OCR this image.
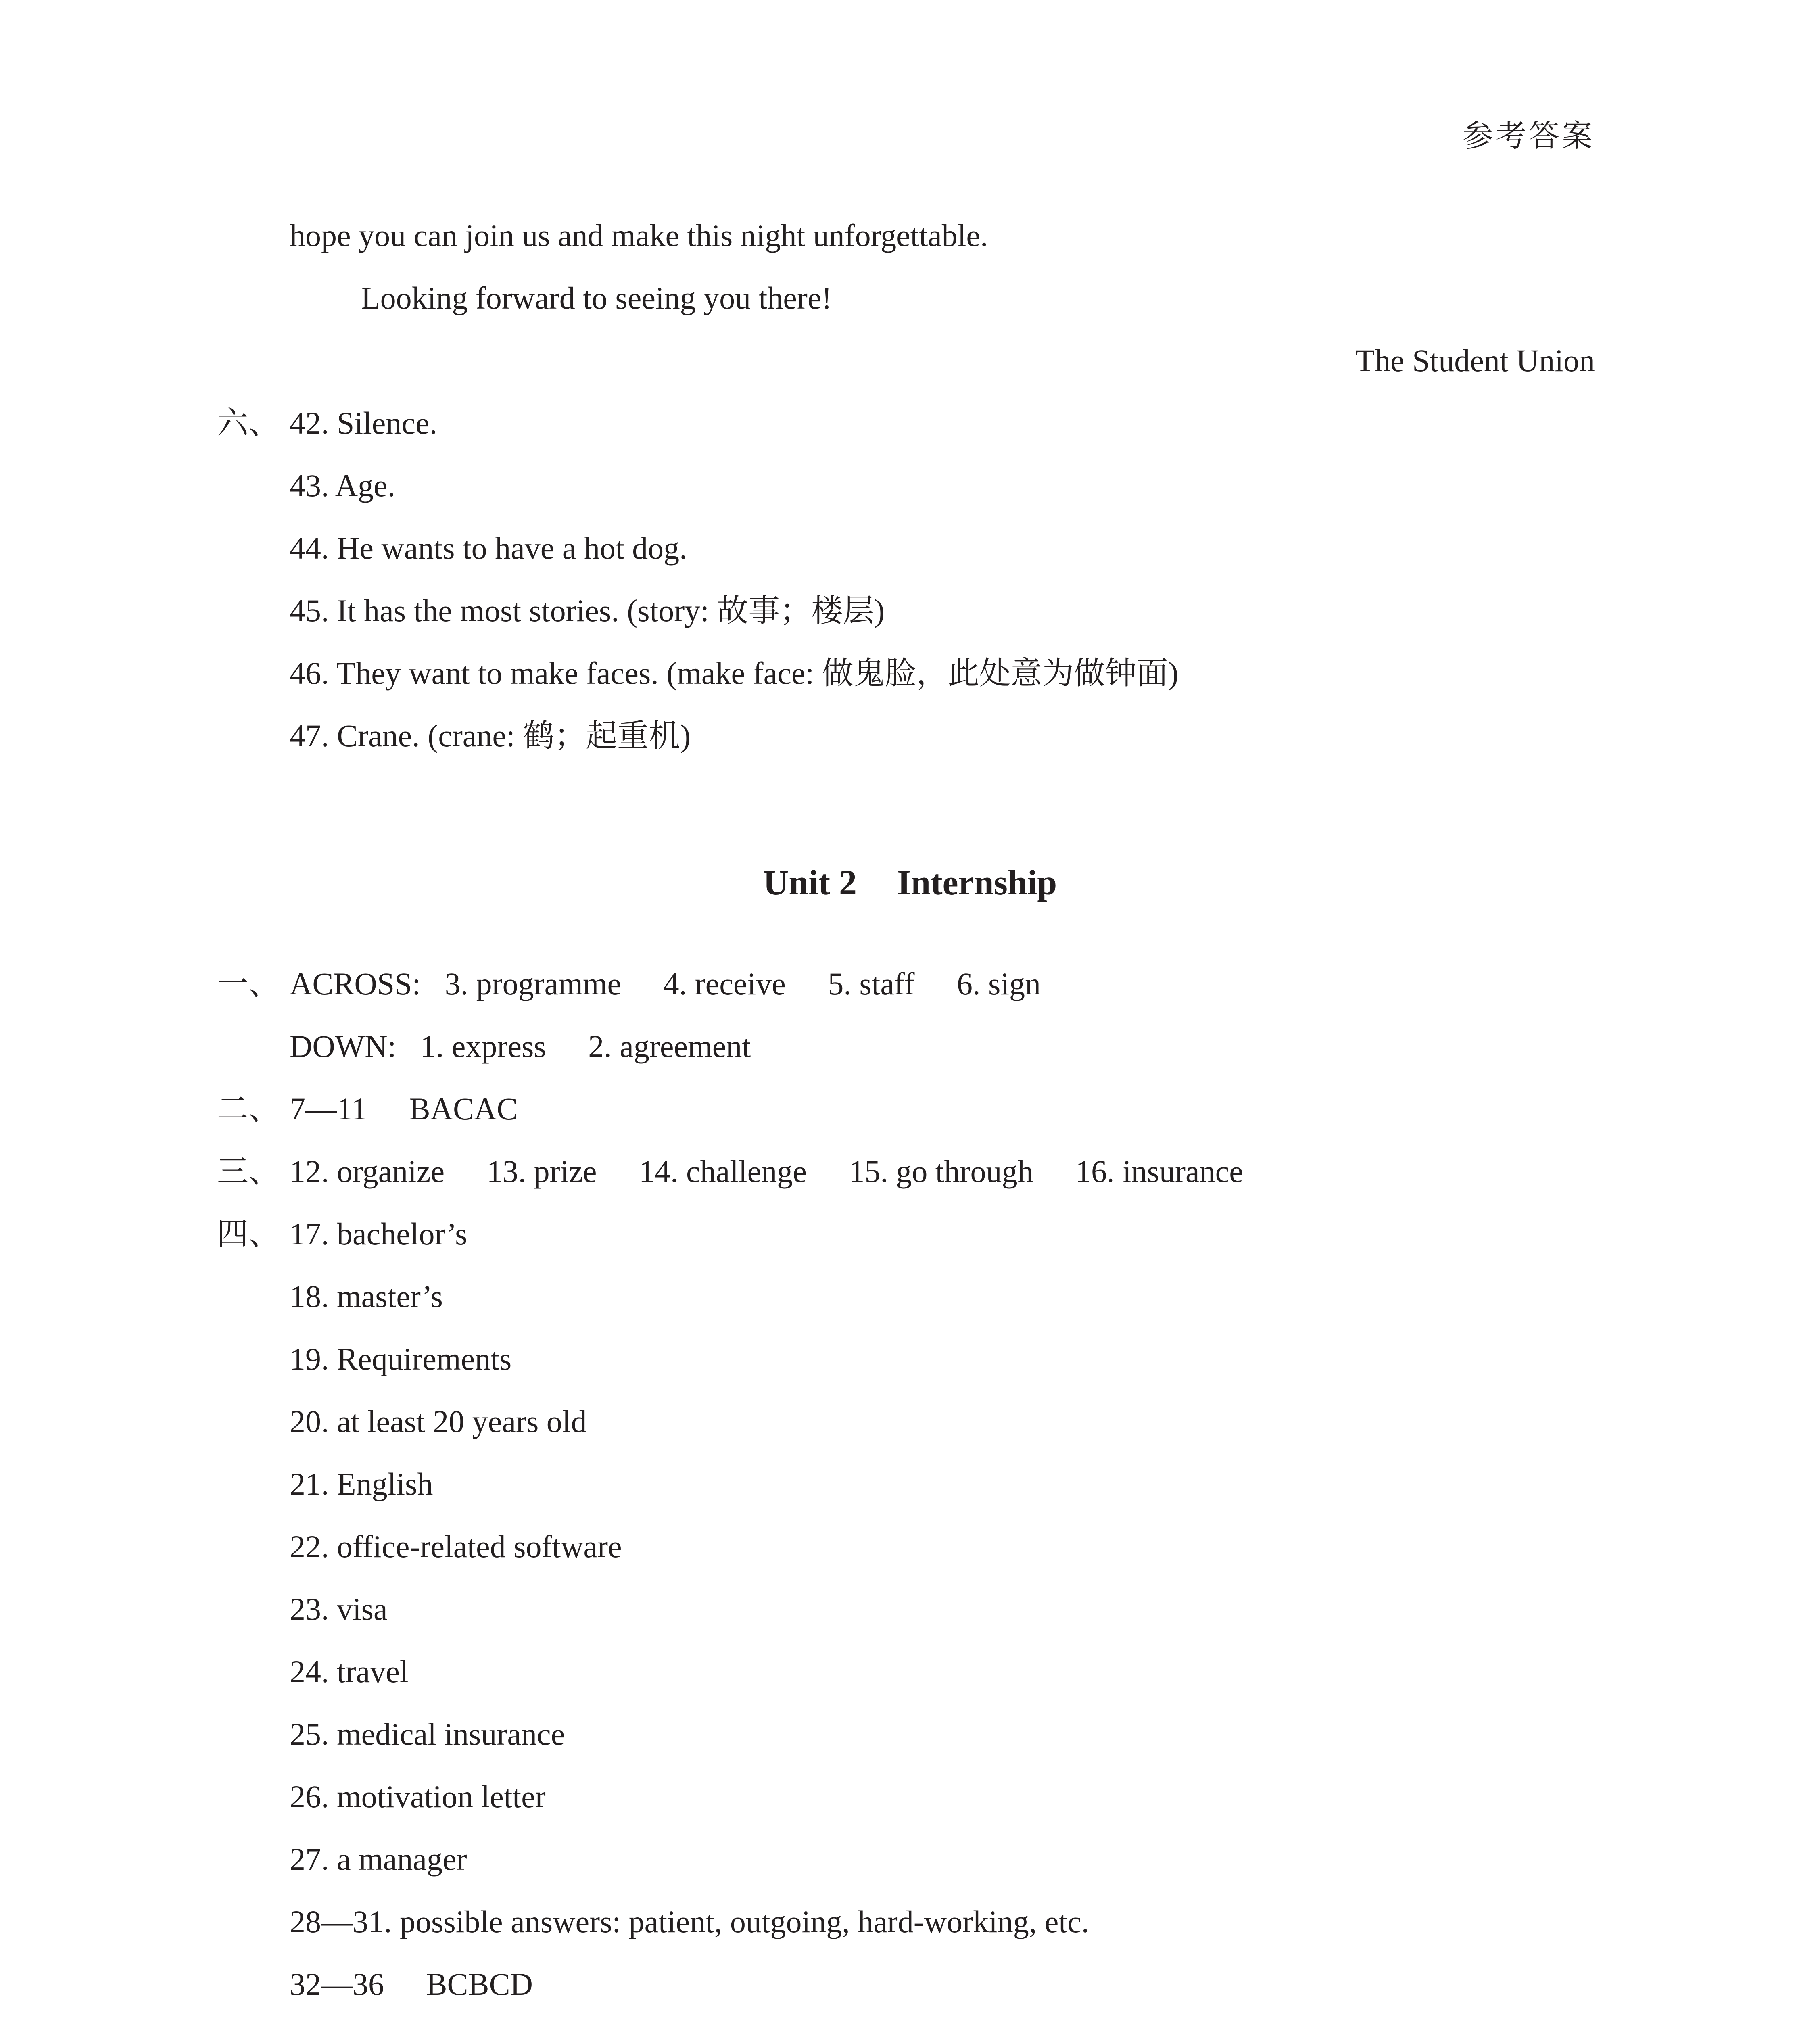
参考答案
hope you can join us and make this night unforgettable.
Looking forward to seeing you there!
The Student Union
六、 42. Silence.
43. Age.
44. He wants to have a hot dog.
45. It has the most stories. (story: 故事；楼层)
46. They want to make faces. (make face: 做鬼脸，此处意为做钟面)
47. Crane. (crane: 鹤；起重机)
Unit 2 Internship
一、 ACROSS: 3. programme 4. receive 5. staff 6. sign
DOWN: 1. express 2. agreement
二、 7—11 BACAC
三、 12. organize 13. prize 14. challenge 15. go through 16. insurance
四、 17. bachelor’s
18. master’s
19. Requirements
20. at least 20 years old
21. English
22. office-related software
23. visa
24. travel
25. medical insurance
26. motivation letter
27. a manager
28—31. possible answers: patient, outgoing, hard-working, etc.
32—36 BCBCD
